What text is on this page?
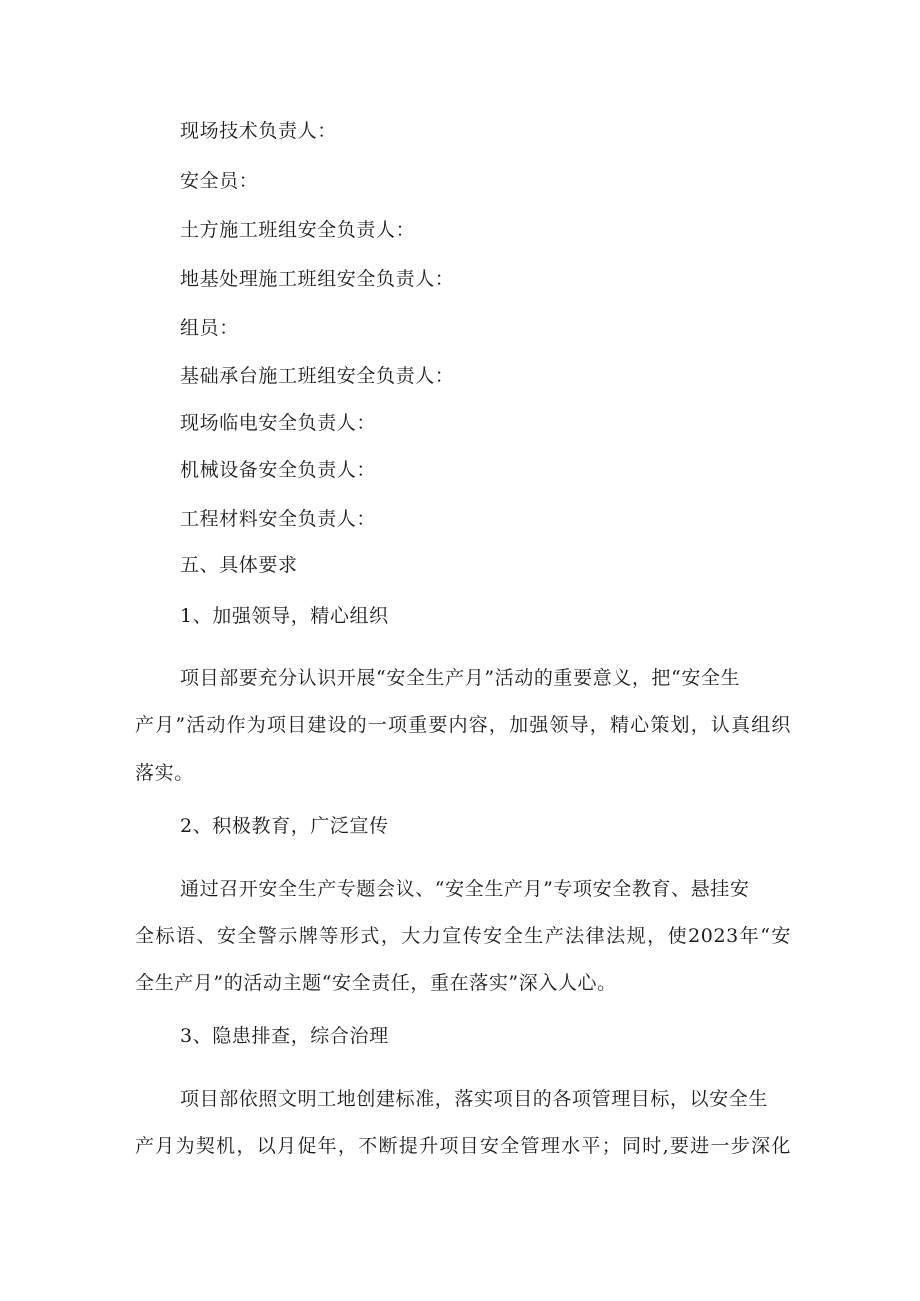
现场技术负责人：
安全员：
土方施工班组安全负责人：
地基处理施工班组安全负责人：
组员：
基础承台施工班组安全负责人：
现场临电安全负责人：
机械设备安全负责人：
工程材料安全负责人：
五、具体要求
1、加强领导，精心组织
项目部要充分认识开展“安全生产月”活动的重要意义，把“安全生
产月”活动作为项目建设的一项重要内容，加强领导，精心策划，认真组织
落实。
2、积极教育，广泛宣传
通过召开安全生产专题会议、“安全生产月”专项安全教育、悬挂安
全标语、安全警示牌等形式，大力宣传安全生产法律法规，使2023年“安
全生产月”的活动主题“安全责任，重在落实”深入人心。
3、隐患排查，综合治理
项目部依照文明工地创建标准，落实项目的各项管理目标，以安全生
产月为契机，以月促年，不断提升项目安全管理水平；同时,要进一步深化
